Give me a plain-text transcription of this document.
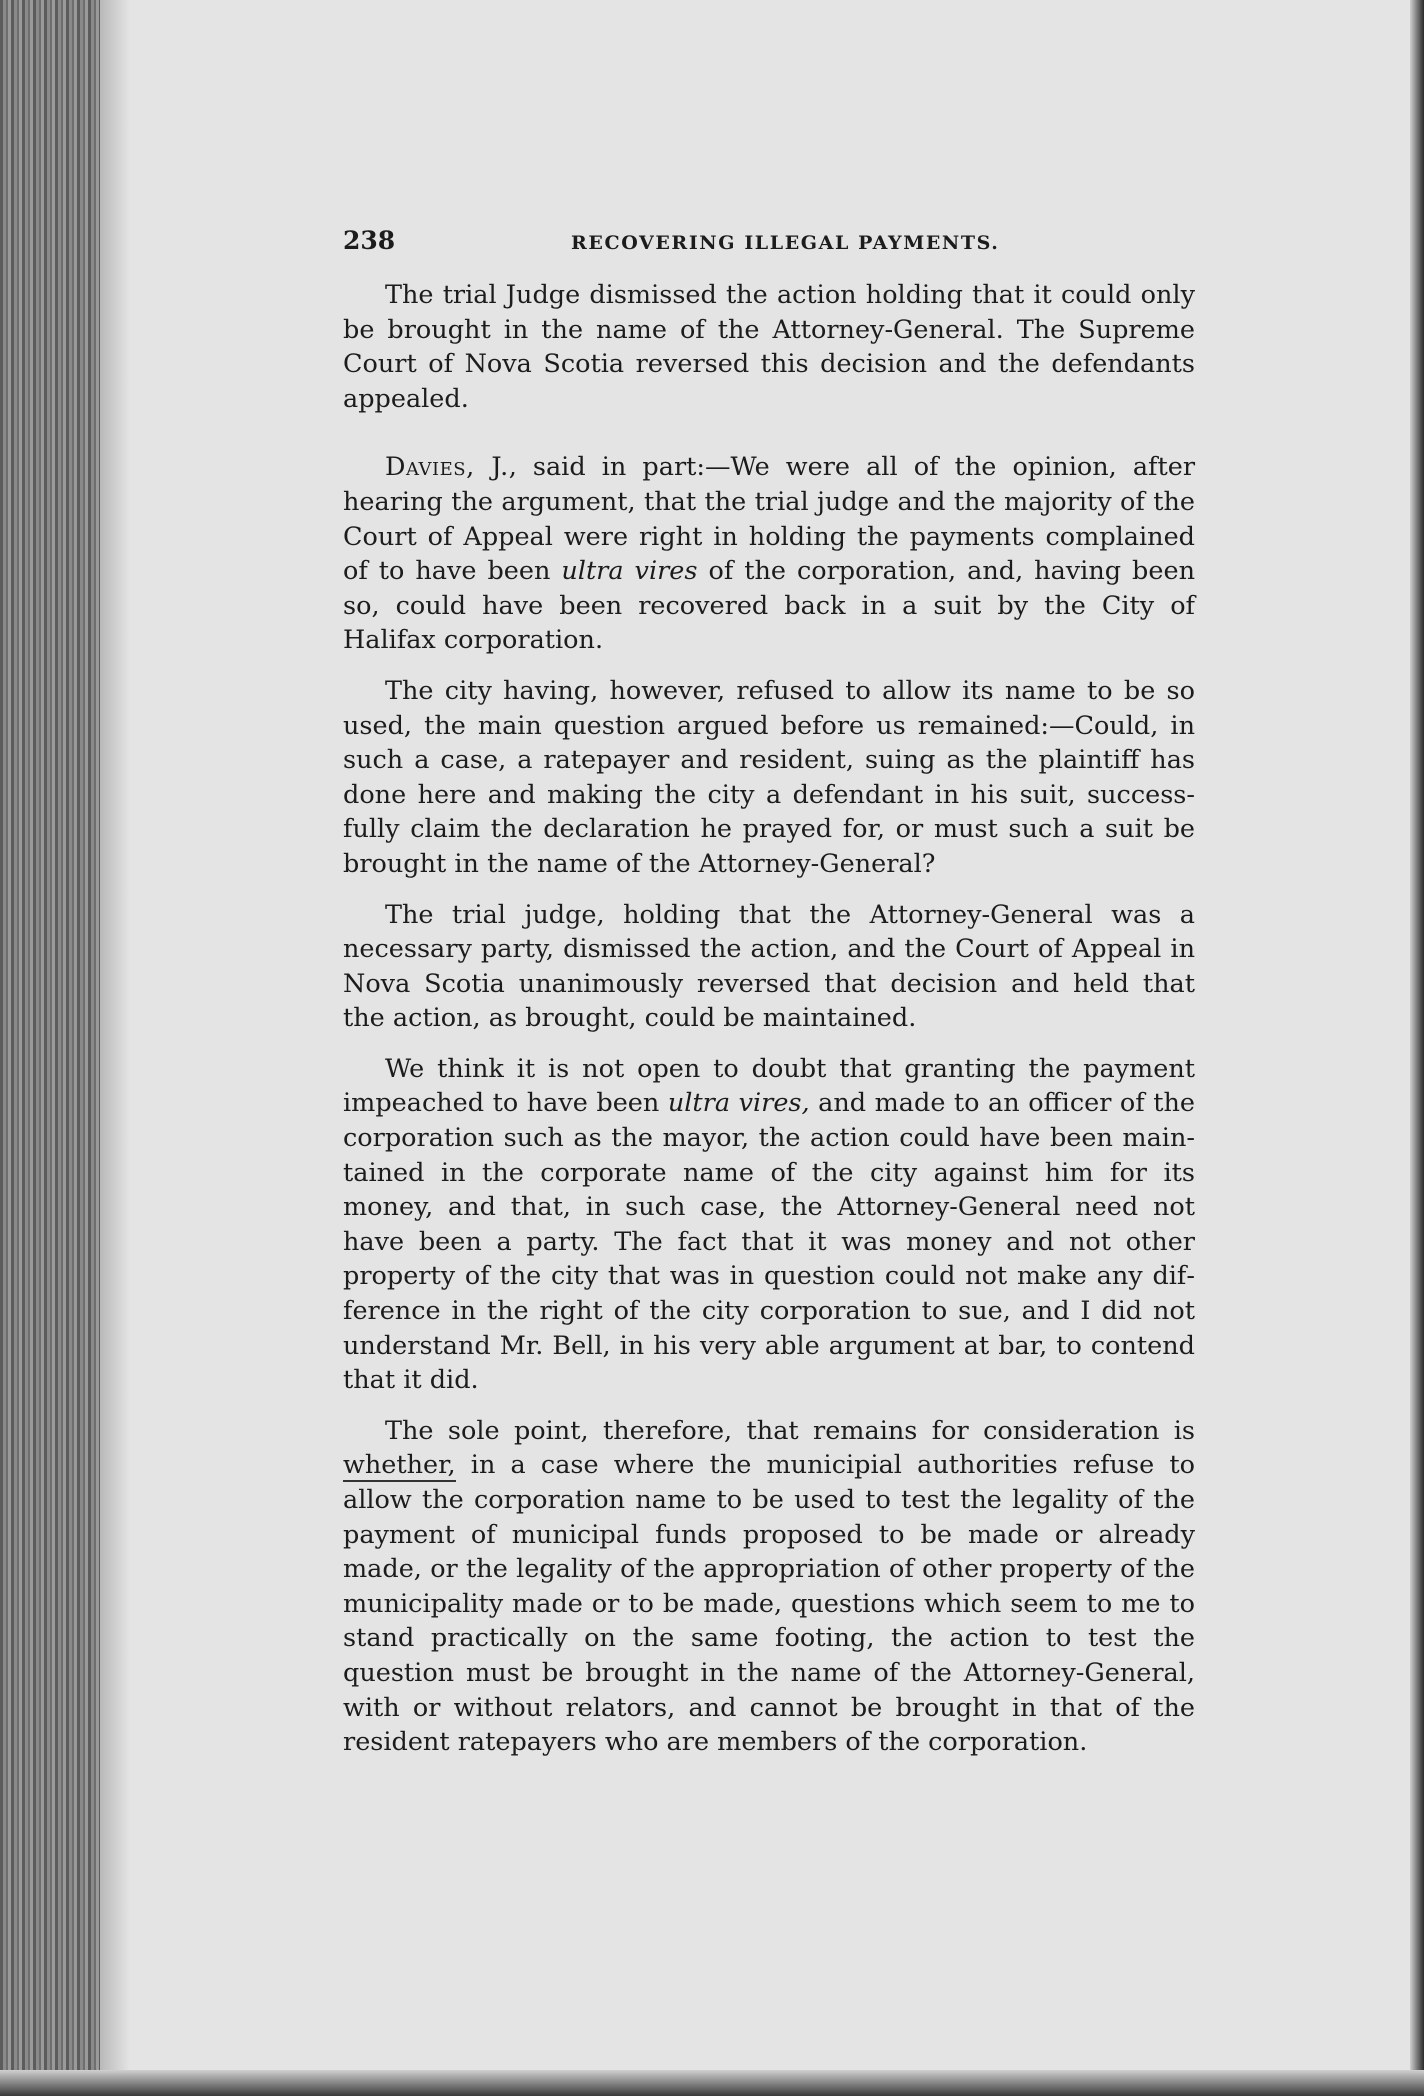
238	RECOVERING ILLEGAL PAYMENTS.

The trial Judge dismissed the action holding that it could only be brought in the name of the Attorney-General. The Supreme Court of Nova Scotia reversed this decision and the defendants appealed.

Davies, J., said in part:—We were all of the opinion, after hearing the argument, that the trial judge and the majority of the Court of Appeal were right in holding the payments complained of to have been ultra vires of the corporation, and, having been so, could have been recovered back in a suit by the City of Halifax corporation.

The city having, however, refused to allow its name to be so used, the main question argued before us remained:—Could, in such a case, a ratepayer and resident, suing as the plaintiff has done here and making the city a defendant in his suit, successfully claim the declaration he prayed for, or must such a suit be brought in the name of the Attorney-General?

The trial judge, holding that the Attorney-General was a necessary party, dismissed the action, and the Court of Appeal in Nova Scotia unanimously reversed that decision and held that the action, as brought, could be maintained.

We think it is not open to doubt that granting the payment impeached to have been ultra vires, and made to an officer of the corporation such as the mayor, the action could have been maintained in the corporate name of the city against him for its money, and that, in such case, the Attorney-General need not have been a party. The fact that it was money and not other property of the city that was in question could not make any difference in the right of the city corporation to sue, and I did not understand Mr. Bell, in his very able argument at bar, to contend that it did.

The sole point, therefore, that remains for consideration is whether, in a case where the municipial authorities refuse to allow the corporation name to be used to test the legality of the payment of municipal funds proposed to be made or already made, or the legality of the appropriation of other property of the municipality made or to be made, questions which seem to me to stand practically on the same footing, the action to test the question must be brought in the name of the Attorney-General, with or without relators, and cannot be brought in that of the resident ratepayers who are members of the corporation.
